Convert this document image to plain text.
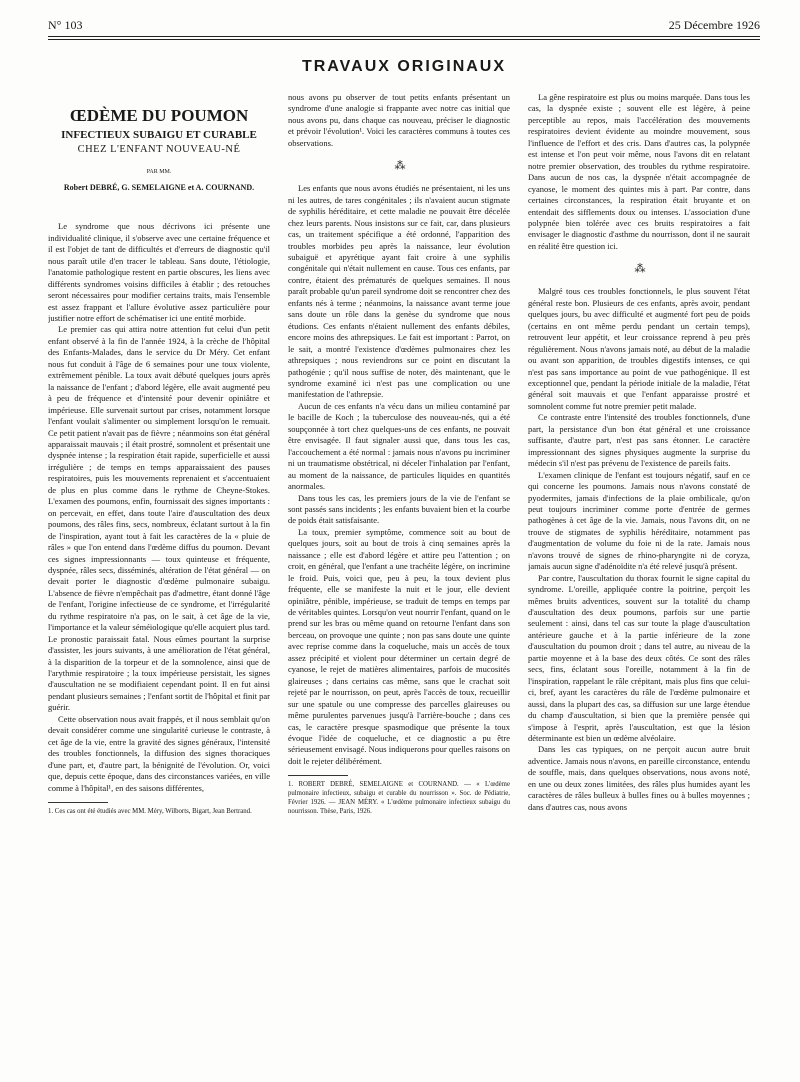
N° 103	25 Décembre 1926
TRAVAUX ORIGINAUX
ŒDÈME DU POUMON
INFECTIEUX SUBAIGU ET CURABLE
CHEZ L'ENFANT NOUVEAU-NÉ
PAR MM.
Robert DEBRÉ, G. SEMELAIGNE et A. COURNAND.

Le syndrome que nous décrivons ici présente une individualité clinique, il s'observe avec une certaine fréquence et il est l'objet de tant de difficultés et d'erreurs de diagnostic qu'il nous paraît utile d'en tracer le tableau. Sans doute, l'étiologie, l'anatomie pathologique restent en partie obscures, les liens avec différents syndromes voisins difficiles à établir ; des retouches seront nécessaires pour modifier certains traits, mais l'ensemble est assez frappant et l'allure évolutive assez particulière pour justifier notre effort de schématiser ici une entité morbide.

Le premier cas qui attira notre attention fut celui d'un petit enfant observé à la fin de l'année 1924, à la crèche de l'hôpital des Enfants-Malades, dans le service du Dr Méry. Cet enfant nous fut conduit à l'âge de 6 semaines pour une toux violente, extrêmement pénible. La toux avait débuté quelques jours après la naissance de l'enfant ; d'abord légère, elle avait augmenté peu à peu de fréquence et d'intensité pour devenir opiniâtre et impérieuse. Elle survenait surtout par crises, notamment lorsque l'enfant voulait s'alimenter ou simplement lorsqu'on le remuait. Ce petit patient n'avait pas de fièvre ; néanmoins son état général apparaissait mauvais ; il était prostré, somnolent et présentait une dyspnée intense ; la respiration était rapide, superficielle et aussi irrégulière ; de temps en temps apparaissaient des pauses respiratoires, puis les mouvements reprenaient et s'accentuaient de plus en plus comme dans le rythme de Cheyne-Stokes. L'examen des poumons, enfin, fournissait des signes importants : on percevait, en effet, dans toute l'aire d'auscultation des deux poumons, des râles fins, secs, nombreux, éclatant surtout à la fin de l'inspiration, ayant tout à fait les caractères de la « pluie de râles » que l'on entend dans l'œdème diffus du poumon. Devant ces signes impressionnants — toux quinteuse et fréquente, dyspnée, râles secs, disséminés, altération de l'état général — on devait porter le diagnostic d'œdème pulmonaire subaigu. L'absence de fièvre n'empêchait pas d'admettre, étant donné l'âge de l'enfant, l'origine infectieuse de ce syndrome, et l'irrégularité du rythme respiratoire n'a pas, on le sait, à cet âge de la vie, l'importance et la valeur séméiologique qu'elle acquiert plus tard. Le pronostic paraissait fatal. Nous eûmes pourtant la surprise d'assister, les jours suivants, à une amélioration de l'état général, à la disparition de la torpeur et de la somnolence, ainsi que de l'arythmie respiratoire ; la toux impérieuse persistait, les signes d'auscultation ne se modifiaient cependant point. Il en fut ainsi pendant plusieurs semaines ; l'enfant sortit de l'hôpital et finit par guérir.

Cette observation nous avait frappés, et il nous semblait qu'on devait considérer comme une singularité curieuse le contraste, à cet âge de la vie, entre la gravité des signes généraux, l'intensité des troubles fonctionnels, la diffusion des signes thoraciques d'une part, et, d'autre part, la bénignité de l'évolution. Or, voici que, depuis cette époque, dans des circonstances variées, en ville comme à l'hôpital¹, en des saisons différentes,

1. Ces cas ont été étudiés avec MM. Méry, Wilborts, Bigart, Jean Bertrand.

nous avons pu observer de tout petits enfants présentant un syndrome d'une analogie si frappante avec notre cas initial que nous avons pu, dans chaque cas nouveau, préciser le diagnostic et prévoir l'évolution¹. Voici les caractères communs à toutes ces observations.

⁂

Les enfants que nous avons étudiés ne présentaient, ni les uns ni les autres, de tares congénitales ; ils n'avaient aucun stigmate de syphilis héréditaire, et cette maladie ne pouvait être décelée chez leurs parents. Nous insistons sur ce fait, car, dans plusieurs cas, un traitement spécifique a été ordonné, l'apparition des troubles morbides peu après la naissance, leur évolution subaiguë et apyrétique ayant fait croire à une syphilis congénitale qui n'était nullement en cause. Tous ces enfants, par contre, étaient des prématurés de quelques semaines. Il nous paraît probable qu'un pareil syndrome doit se rencontrer chez des enfants nés à terme ; néanmoins, la naissance avant terme joue sans doute un rôle dans la genèse du syndrome que nous étudions. Ces enfants n'étaient nullement des enfants débiles, encore moins des athrepsiques. Le fait est important : Parrot, on le sait, a montré l'existence d'œdèmes pulmonaires chez les athrepsiques ; nous reviendrons sur ce point en discutant la pathogénie ; qu'il nous suffise de noter, dès maintenant, que le syndrome examiné ici n'est pas une complication ou une manifestation de l'athrepsie.

Aucun de ces enfants n'a vécu dans un milieu contaminé par le bacille de Koch ; la tuberculose des nouveau-nés, qui a été soupçonnée à tort chez quelques-uns de ces enfants, ne pouvait être envisagée. Il faut signaler aussi que, dans tous les cas, l'accouchement a été normal : jamais nous n'avons pu incriminer ni un traumatisme obstétrical, ni déceler l'inhalation par l'enfant, au moment de la naissance, de particules liquides en quantités anormales.

Dans tous les cas, les premiers jours de la vie de l'enfant se sont passés sans incidents ; les enfants buvaient bien et la courbe de poids était satisfaisante.

La toux, premier symptôme, commence soit au bout de quelques jours, soit au bout de trois à cinq semaines après la naissance ; elle est d'abord légère et attire peu l'attention ; on croit, en général, que l'enfant a une trachéite légère, on incrimine le froid. Puis, voici que, peu à peu, la toux devient plus fréquente, elle se manifeste la nuit et le jour, elle devient opiniâtre, pénible, impérieuse, se traduit de temps en temps par de véritables quintes. Lorsqu'on veut nourrir l'enfant, quand on le prend sur les bras ou même quand on retourne l'enfant dans son berceau, on provoque une quinte ; non pas sans doute une quinte avec reprise comme dans la coqueluche, mais un accès de toux assez précipité et violent pour déterminer un certain degré de cyanose, le rejet de matières alimentaires, parfois de mucosités glaireuses ; dans certains cas même, sans que le crachat soit rejeté par le nourrisson, on peut, après l'accès de toux, recueillir sur une spatule ou une compresse des parcelles glaireuses ou même purulentes parvenues jusqu'à l'arrière-bouche ; dans ces cas, le caractère presque spasmodique que présente la toux évoque l'idée de coqueluche, et ce diagnostic a pu être sérieusement envisagé. Nous indiquerons pour quelles raisons on doit le rejeter délibérément.

1. ROBERT DEBRÉ, SEMELAIGNE et COURNAND. — « L'œdème pulmonaire infectieux, subaigu et curable du nourrisson ». Soc. de Pédiatrie, Février 1926. — JEAN MÉRY. « L'œdème pulmonaire infectieux subaigu du nourrisson. Thèse, Paris, 1926.

La gêne respiratoire est plus ou moins marquée. Dans tous les cas, la dyspnée existe ; souvent elle est légère, à peine perceptible au repos, mais l'accélération des mouvements respiratoires devient évidente au moindre mouvement, sous l'influence de l'effort et des cris. Dans d'autres cas, la polypnée est intense et l'on peut voir même, nous l'avons dit en relatant notre premier observation, des troubles du rythme respiratoire. Dans aucun de nos cas, la dyspnée n'était accompagnée de cyanose, le moment des quintes mis à part. Par contre, dans certaines circonstances, la respiration était bruyante et on entendait des sifflements doux ou intenses. L'association d'une polypnée bien tolérée avec ces bruits respiratoires a fait envisager le diagnostic d'asthme du nourrisson, dont il ne saurait en réalité être question ici.

⁂

Malgré tous ces troubles fonctionnels, le plus souvent l'état général reste bon. Plusieurs de ces enfants, après avoir, pendant quelques jours, bu avec difficulté et augmenté fort peu de poids (certains en ont même perdu pendant un certain temps), retrouvent leur appétit, et leur croissance reprend à peu près régulièrement. Nous n'avons jamais noté, au début de la maladie ou avant son apparition, de troubles digestifs intenses, ce qui n'est pas sans importance au point de vue pathogénique. Il est exceptionnel que, pendant la période initiale de la maladie, l'état général soit mauvais et que l'enfant apparaisse prostré et somnolent comme fut notre premier petit malade.

Ce contraste entre l'intensité des troubles fonctionnels, d'une part, la persistance d'un bon état général et une croissance suffisante, d'autre part, n'est pas sans étonner. Le caractère impressionnant des signes physiques augmente la surprise du médecin s'il n'est pas prévenu de l'existence de pareils faits.

L'examen clinique de l'enfant est toujours négatif, sauf en ce qui concerne les poumons. Jamais nous n'avons constaté de pyodermites, jamais d'infections de la plaie ombilicale, qu'on peut toujours incriminer comme porte d'entrée de germes pathogènes à cet âge de la vie. Jamais, nous l'avons dit, on ne trouve de stigmates de syphilis héréditaire, notamment pas d'augmentation de volume du foie ni de la rate. Jamais nous n'avons trouvé de signes de rhino-pharyngite ni de coryza, jamais aucun signe d'adénoïdite n'a été relevé jusqu'à présent.

Par contre, l'auscultation du thorax fournit le signe capital du syndrome. L'oreille, appliquée contre la poitrine, perçoit les mêmes bruits adventices, souvent sur la totalité du champ d'auscultation des deux poumons, parfois sur une partie seulement : ainsi, dans tel cas sur toute la plage d'auscultation antérieure gauche et à la partie inférieure de la zone d'auscultation du poumon droit ; dans tel autre, au niveau de la partie moyenne et à la base des deux côtés. Ce sont des râles secs, fins, éclatant sous l'oreille, notamment à la fin de l'inspiration, rappelant le râle crépitant, mais plus fins que celui-ci, bref, ayant les caractères du râle de l'œdème pulmonaire et aussi, dans la plupart des cas, sa diffusion sur une large étendue du champ d'auscultation, si bien que la première pensée qui s'impose à l'esprit, après l'auscultation, est que la lésion déterminante est bien un œdème alvéolaire.

Dans les cas typiques, on ne perçoit aucun autre bruit adventice. Jamais nous n'avons, en pareille circonstance, entendu de souffle, mais, dans quelques observations, nous avons noté, en une ou deux zones limitées, des râles plus humides ayant les caractères de râles bulleux à bulles fines ou à bulles moyennes ; dans d'autres cas, nous avons
